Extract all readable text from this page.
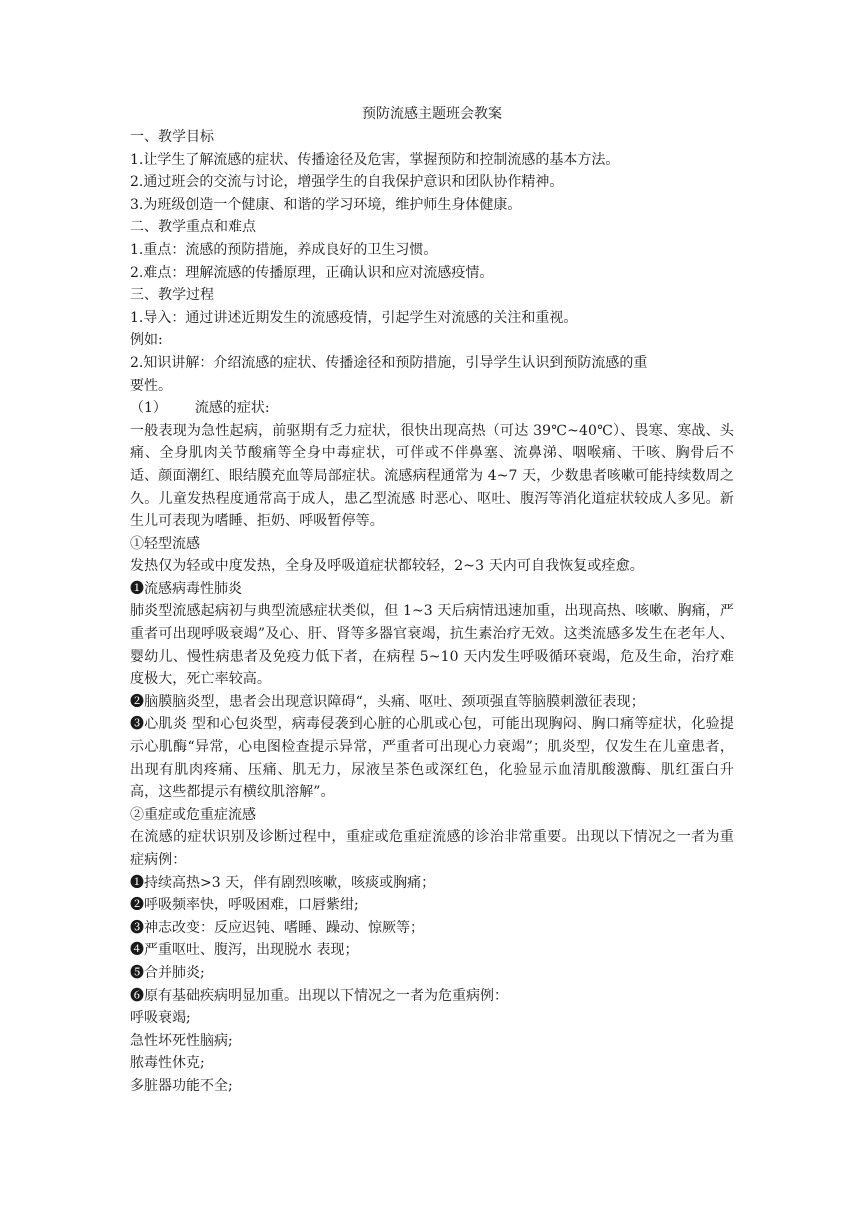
预防流感主题班会教案

一、教学目标

1.让学生了解流感的症状、传播途径及危害，掌握预防和控制流感的基本方法。

2.通过班会的交流与讨论，增强学生的自我保护意识和团队协作精神。

3.为班级创造一个健康、和谐的学习环境，维护师生身体健康。

二、教学重点和难点

1.重点：流感的预防措施，养成良好的卫生习惯。

2.难点：理解流感的传播原理，正确认识和应对流感疫情。

三、教学过程

1.导入：通过讲述近期发生的流感疫情，引起学生对流感的关注和重视。

例如:

2.知识讲解：介绍流感的症状、传播途径和预防措施，引导学生认识到预防流感的重

要性。

（1） 流感的症状:

一般表现为急性起病，前驱期有乏力症状，很快出现高热（可达 39℃~40℃）、畏寒、寒战、头痛、全身肌肉关节酸痛等全身中毒症状，可伴或不伴鼻塞、流鼻涕、咽喉痛、干咳、胸骨后不适、颜面潮红、眼结膜充血等局部症状。流感病程通常为 4~7 天，少数患者咳嗽可能持续数周之久。儿童发热程度通常高于成人，患乙型流感 时恶心、呕吐、腹泻等消化道症状较成人多见。新生儿可表现为嗜睡、拒奶、呼吸暂停等。

①轻型流感

发热仅为轻或中度发热，全身及呼吸道症状都较轻，2~3 天内可自我恢复或痊愈。

❶流感病毒性肺炎

肺炎型流感起病初与典型流感症状类似，但 1~3 天后病情迅速加重，出现高热、咳嗽、胸痛，严重者可出现呼吸衰竭”及心、肝、肾等多器官衰竭，抗生素治疗无效。这类流感多发生在老年人、婴幼儿、慢性病患者及免疫力低下者，在病程 5~10 天内发生呼吸循环衰竭，危及生命，治疗难度极大，死亡率较高。

❷脑膜脑炎型，患者会出现意识障碍“，头痛、呕吐、颈项强直等脑膜刺激征表现；

❸心肌炎 型和心包炎型，病毒侵袭到心脏的心肌或心包，可能出现胸闷、胸口痛等症状，化验提示心肌酶“异常，心电图检查提示异常，严重者可出现心力衰竭”；肌炎型，仅发生在儿童患者，出现有肌肉疼痛、压痛、肌无力，尿液呈茶色或深红色，化验显示血清肌酸激酶、肌红蛋白升高，这些都提示有横纹肌溶解”。

②重症或危重症流感

在流感的症状识别及诊断过程中，重症或危重症流感的诊治非常重要。出现以下情况之一者为重症病例：

❶持续高热>3 天，伴有剧烈咳嗽，咳痰或胸痛；

❷呼吸频率快，呼吸困难，口唇紫绀;

❸神志改变：反应迟钝、嗜睡、躁动、惊厥等；

❹严重呕吐、腹泻，出现脱水 表现；

❺合并肺炎;

❻原有基础疾病明显加重。出现以下情况之一者为危重病例：

呼吸衰竭;

急性坏死性脑病;

脓毒性休克;

多脏器功能不全;
